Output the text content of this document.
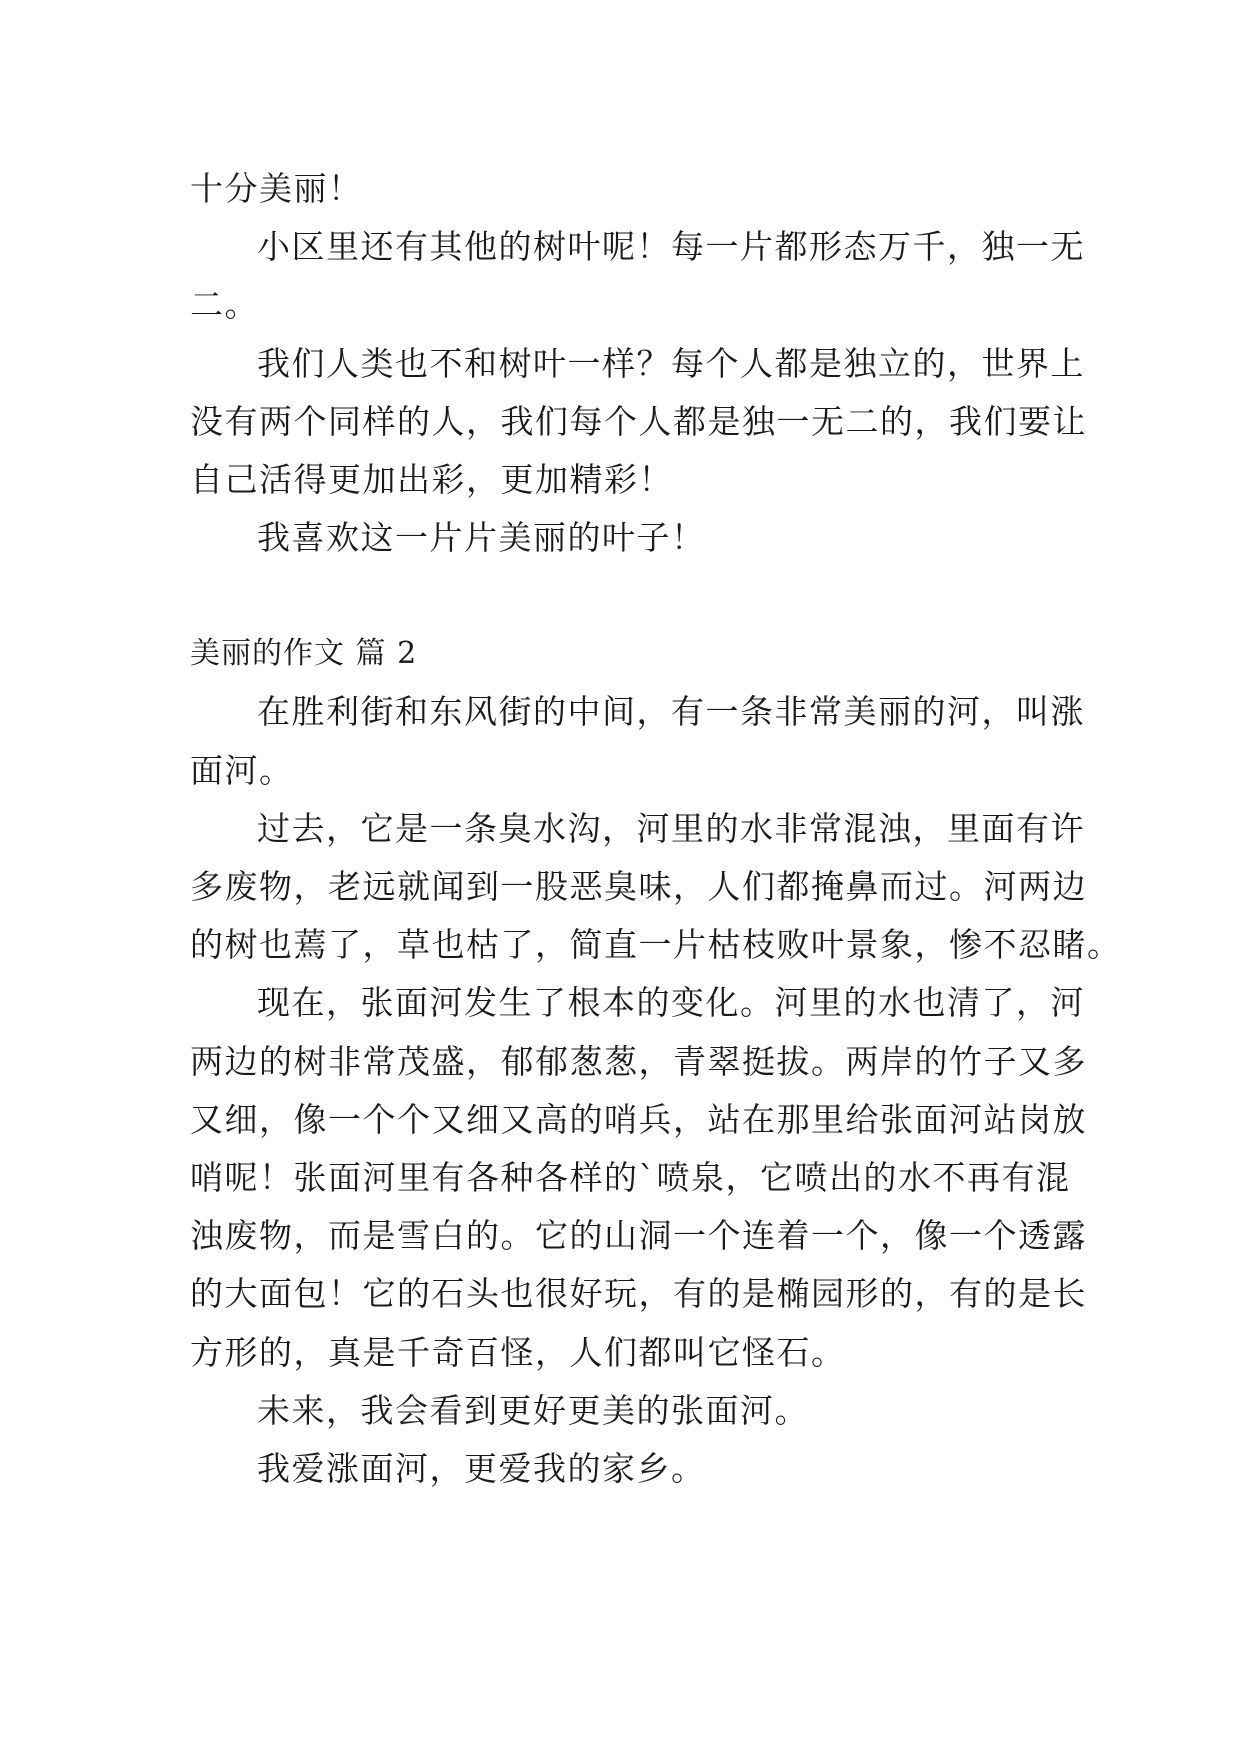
十分美丽！
小区里还有其他的树叶呢！每一片都形态万千，独一无
二。
我们人类也不和树叶一样？每个人都是独立的，世界上
没有两个同样的人，我们每个人都是独一无二的，我们要让
自己活得更加出彩，更加精彩！
我喜欢这一片片美丽的叶子！
美丽的作文 篇 2
在胜利街和东风街的中间，有一条非常美丽的河，叫涨
面河。
过去，它是一条臭水沟，河里的水非常混浊，里面有许
多废物，老远就闻到一股恶臭味，人们都掩鼻而过。河两边
的树也蔫了，草也枯了，简直一片枯枝败叶景象，惨不忍睹。
现在，张面河发生了根本的变化。河里的水也清了，河
两边的树非常茂盛，郁郁葱葱，青翠挺拔。两岸的竹子又多
又细，像一个个又细又高的哨兵，站在那里给张面河站岗放
哨呢！张面河里有各种各样的`喷泉，它喷出的水不再有混
浊废物，而是雪白的。它的山洞一个连着一个，像一个透露
的大面包！它的石头也很好玩，有的是椭园形的，有的是长
方形的，真是千奇百怪，人们都叫它怪石。
未来，我会看到更好更美的张面河。
我爱涨面河，更爱我的家乡。
